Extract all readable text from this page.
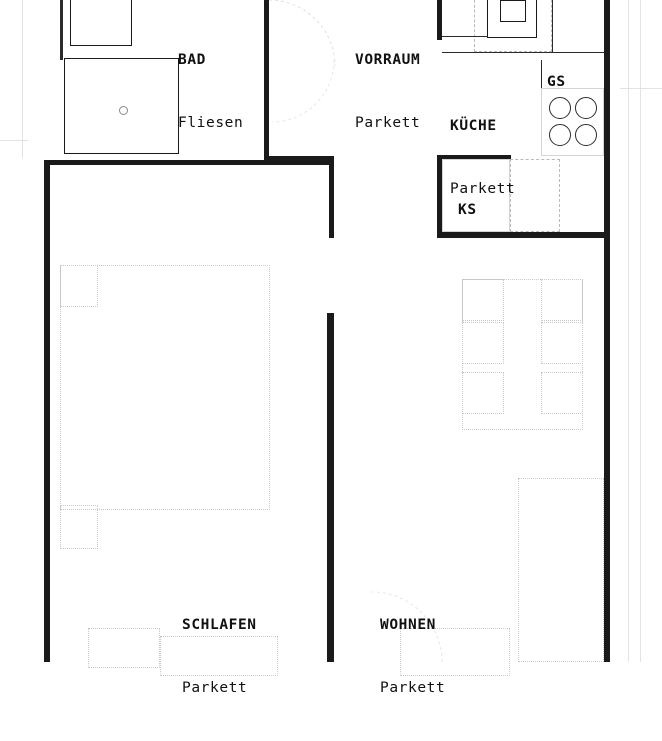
BAD

Fliesen

VORRAUM

Parkett

KÜCHE

Parkett

SCHLAFEN

Parkett

WOHNEN

Parkett

GS
KS
